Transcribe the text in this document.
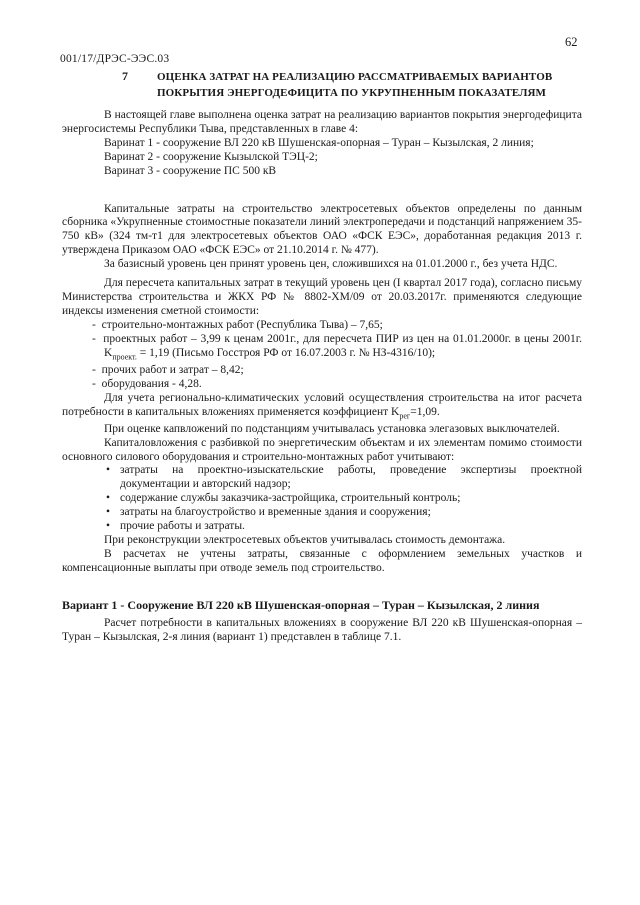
62
001/17/ДРЭС-ЭЭС.03
7	ОЦЕНКА ЗАТРАТ НА РЕАЛИЗАЦИЮ РАССМАТРИВАЕМЫХ ВАРИАНТОВ
ПОКРЫТИЯ ЭНЕРГОДЕФИЦИТА ПО УКРУПНЕННЫМ ПОКАЗАТЕЛЯМ

В настоящей главе выполнена оценка затрат на реализацию вариантов покрытия энергодефицита энергосистемы Республики Тыва, представленных в главе 4:

Варинат 1 - сооружение ВЛ 220 кВ Шушенская-опорная – Туран – Кызылская, 2 линия;

Варинат 2 - сооружение Кызылской ТЭЦ-2;

Варинат 3 - сооружение ПС 500 кВ

Капитальные затраты на строительство электросетевых объектов определены по данным сборника «Укрупненные стоимостные показатели линий электропередачи и подстанций напряжением 35-750 кВ» (324 тм-т1 для электросетевых объектов ОАО «ФСК ЕЭС», доработанная редакция 2013 г. утверждена Приказом ОАО «ФСК ЕЭС» от 21.10.2014 г. № 477).

За базисный уровень цен принят уровень цен, сложившихся на 01.01.2000 г., без учета НДС.

Для пересчета капитальных затрат в текущий уровень цен (I квартал 2017 года), согласно письму Министерства строительства и ЖКХ РФ № 8802-ХМ/09 от 20.03.2017г. применяются следующие индексы изменения сметной стоимости:

- строительно-монтажных работ (Республика Тыва) – 7,65;

- проектных работ – 3,99 к ценам 2001г., для пересчета ПИР из цен на 01.01.2000г. в цены 2001г. $K_{проект.} = 1,19$ (Письмо Госстроя РФ от 16.07.2003 г. № НЗ-4316/10);

- прочих работ и затрат – 8,42;

- оборудования - 4,28.

Для учета регионально-климатических условий осуществления строительства на итог расчета потребности в капитальных вложениях применяется коэффициент $K_{рег}=1,09$.

При оценке капвложений по подстанциям учитывалась установка элегазовых выключателей.

Капиталовложения с разбивкой по энергетическим объектам и их элементам помимо стоимости основного силового оборудования и строительно-монтажных работ учитывают:

• затраты на проектно-изыскательские работы, проведение экспертизы проектной документации и авторский надзор;
• содержание службы заказчика-застройщика, строительный контроль;
• затраты на благоустройство и временные здания и сооружения;
• прочие работы и затраты.

При реконструкции электросетевых объектов учитывалась стоимость демонтажа.

В расчетах не учтены затраты, связанные с оформлением земельных участков и компенсационные выплаты при отводе земель под строительство.

Вариант 1 - Сооружение ВЛ 220 кВ Шушенская-опорная – Туран – Кызылская, 2 линия

Расчет потребности в капитальных вложениях в сооружение ВЛ 220 кВ Шушенская-опорная – Туран – Кызылская, 2-я линия (вариант 1) представлен в таблице 7.1.
